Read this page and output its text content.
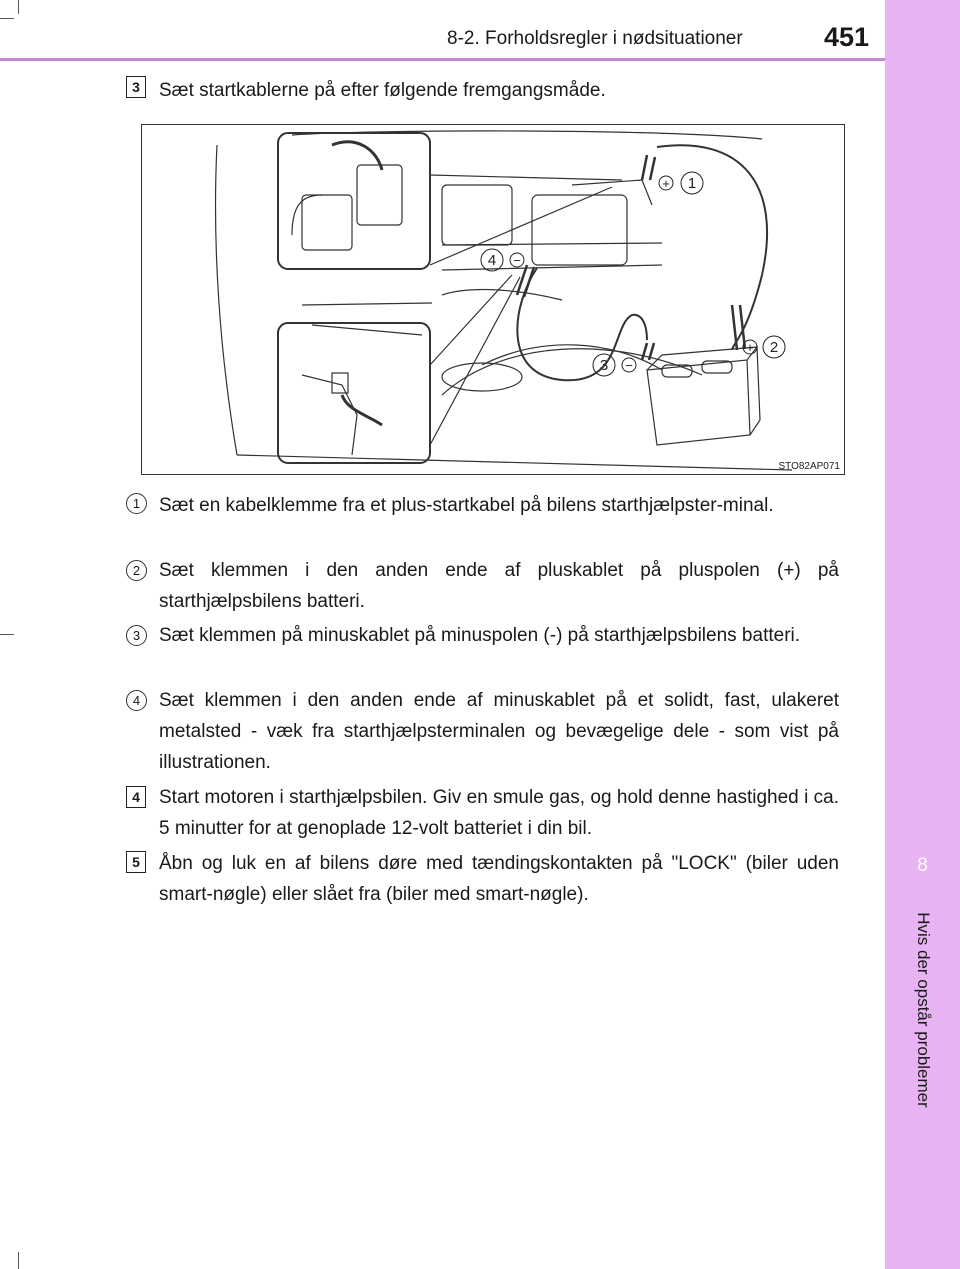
8-2. Forholdsregler i nødsituationer	451
8
Hvis der opstår problemer
3	Sæt startkablerne på efter følgende fremgangsmåde.

+ 1
+ 2
3 −
4 −
STO82AP071
1 Sæt en kabelklemme fra et plus-startkabel på bilens starthjælpster-minal.

2 Sæt klemmen i den anden ende af pluskablet på pluspolen (+) på starthjælpsbilens batteri.

3 Sæt klemmen på minuskablet på minuspolen (-) på starthjælpsbilens batteri.

4 Sæt klemmen i den anden ende af minuskablet på et solidt, fast, ulakeret metalsted - væk fra starthjælpsterminalen og bevægelige dele - som vist på illustrationen.

4	Start motoren i starthjælpsbilen. Giv en smule gas, og hold denne hastighed i ca. 5 minutter for at genoplade 12-volt batteriet i din bil.

5	Åbn og luk en af bilens døre med tændingskontakten på "LOCK" (biler uden smart-nøgle) eller slået fra (biler med smart-nøgle).
